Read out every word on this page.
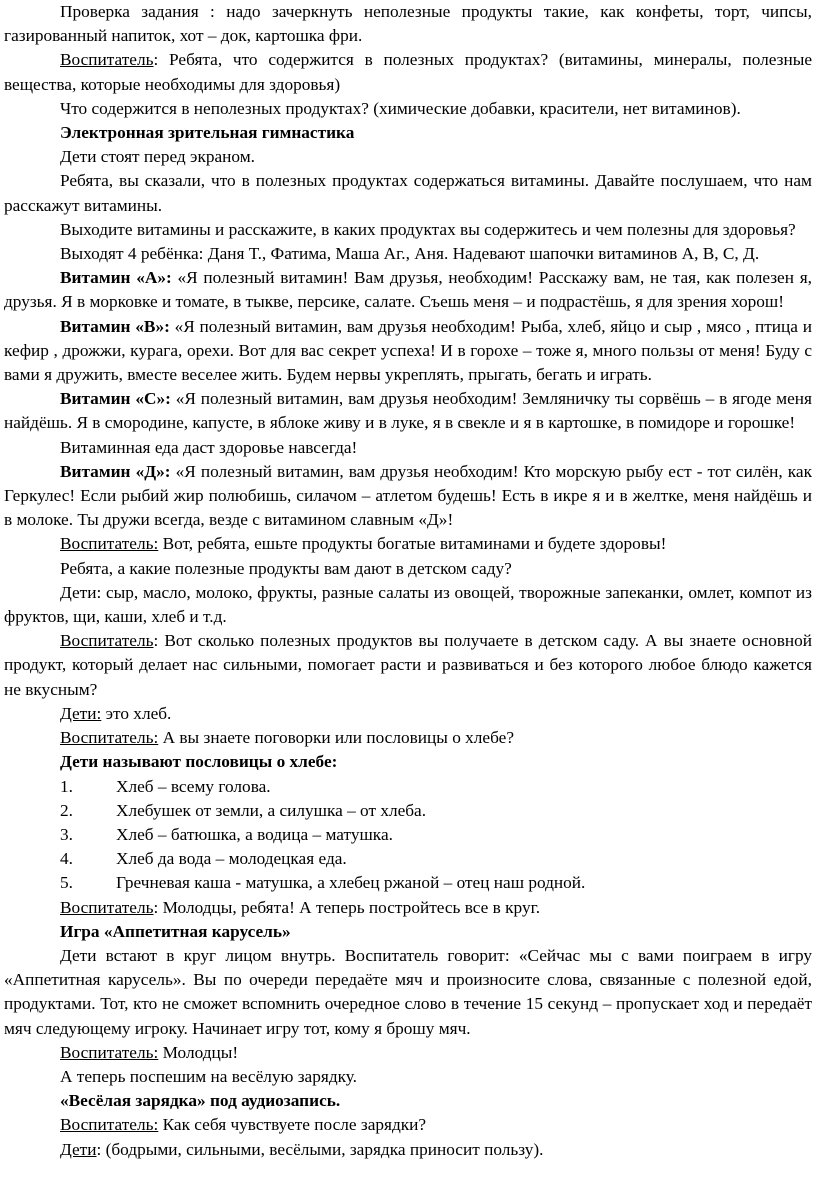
Проверка задания : надо зачеркнуть неполезные продукты такие, как конфеты, торт, чипсы, газированный напиток, хот – док, картошка фри.

Воспитатель: Ребята, что содержится в полезных продуктах? (витамины, минералы, полезные вещества, которые необходимы для здоровья)

Что содержится в неполезных продуктах? (химические добавки, красители, нет витаминов).

Электронная зрительная гимнастика

Дети стоят перед экраном.

Ребята, вы сказали, что в полезных продуктах содержаться витамины. Давайте послушаем, что нам расскажут витамины.

Выходите витамины и расскажите, в каких продуктах вы содержитесь и чем полезны для здоровья?

Выходят 4 ребёнка: Даня Т., Фатима, Маша Аг., Аня. Надевают шапочки витаминов А, В, С, Д.

Витамин «А»: «Я полезный витамин! Вам друзья, необходим! Расскажу вам, не тая, как полезен я, друзья. Я в морковке и томате, в тыкве, персике, салате. Съешь меня – и подрастёшь, я для зрения хорош!

Витамин «В»: «Я полезный витамин, вам друзья необходим! Рыба, хлеб, яйцо и сыр , мясо , птица и кефир , дрожжи, курага, орехи. Вот для вас секрет успеха! И в горохе – тоже я, много пользы от меня! Буду с вами я дружить, вместе веселее жить. Будем нервы укреплять, прыгать, бегать и играть.

Витамин «С»: «Я полезный витамин, вам друзья необходим! Земляничку ты сорвёшь – в ягоде меня найдёшь. Я в смородине, капусте, в яблоке живу и в луке, я в свекле и я в картошке, в помидоре и горошке!

Витаминная еда даст здоровье навсегда!

Витамин «Д»: «Я полезный витамин, вам друзья необходим! Кто морскую рыбу ест - тот силён, как Геркулес! Если рыбий жир полюбишь, силачом – атлетом будешь! Есть в икре я и в желтке, меня найдёшь и в молоке. Ты дружи всегда, везде с витамином славным «Д»!

Воспитатель: Вот, ребята, ешьте продукты богатые витаминами и будете здоровы!

Ребята, а какие полезные продукты вам дают в детском саду?

Дети: сыр, масло, молоко, фрукты, разные салаты из овощей, творожные запеканки, омлет, компот из фруктов, щи, каши, хлеб и т.д.

Воспитатель: Вот сколько полезных продуктов вы получаете в детском саду. А вы знаете основной продукт, который делает нас сильными, помогает расти и развиваться и без которого любое блюдо кажется не вкусным?

Дети: это хлеб.

Воспитатель: А вы знаете поговорки или пословицы о хлебе?

Дети называют пословицы о хлебе:

1.	Хлеб – всему голова.
2.	Хлебушек от земли, а силушка – от хлеба.
3.	Хлеб – батюшка, а водица – матушка.
4.	Хлеб да вода – молодецкая еда.
5.	Гречневая каша - матушка, а хлебец ржаной – отец наш родной.

Воспитатель: Молодцы, ребята! А теперь постройтесь все в круг.

Игра «Аппетитная карусель»

Дети встают в круг лицом внутрь. Воспитатель говорит: «Сейчас мы с вами поиграем в игру «Аппетитная карусель». Вы по очереди передаёте мяч и произносите слова, связанные с полезной едой, продуктами. Тот, кто не сможет вспомнить очередное слово в течение 15 секунд – пропускает ход и передаёт мяч следующему игроку. Начинает игру тот, кому я брошу мяч.

Воспитатель: Молодцы!

А теперь поспешим на весёлую зарядку.

«Весёлая зарядка» под аудиозапись.

Воспитатель: Как себя чувствуете после зарядки?

Дети: (бодрыми, сильными, весёлыми, зарядка приносит пользу).
